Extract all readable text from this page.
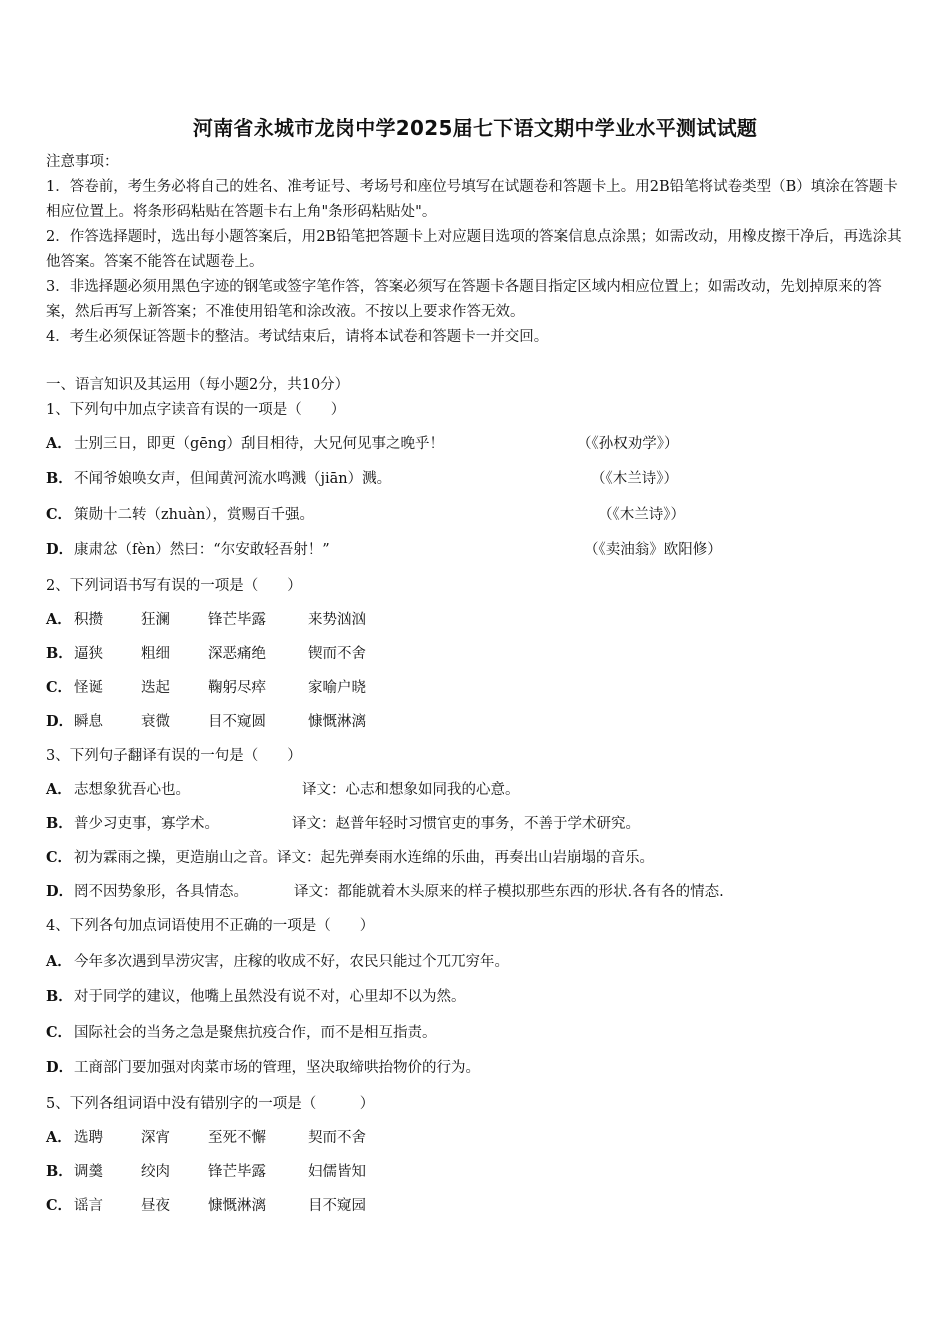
河南省永城市龙岗中学2025届七下语文期中学业水平测试试题

注意事项：

1．答卷前，考生务必将自己的姓名、准考证号、考场号和座位号填写在试题卷和答题卡上。用2B铅笔将试卷类型（B）填涂在答题卡相应位置上。将条形码粘贴在答题卡右上角"条形码粘贴处"。

2．作答选择题时，选出每小题答案后，用2B铅笔把答题卡上对应题目选项的答案信息点涂黑；如需改动，用橡皮擦干净后，再选涂其他答案。答案不能答在试题卷上。

3．非选择题必须用黑色字迹的钢笔或签字笔作答，答案必须写在答题卡各题目指定区域内相应位置上；如需改动，先划掉原来的答案，然后再写上新答案；不准使用铅笔和涂改液。不按以上要求作答无效。

4．考生必须保证答题卡的整洁。考试结束后，请将本试卷和答题卡一并交回。

一、语言知识及其运用（每小题2分，共10分）
1、下列句中加点字读音有误的一项是（　　）
A． 士别三日，即更（gēng）刮目相待，大兄何见事之晚乎！	（《孙权劝学》）
B．不闻爷娘唤女声，但闻黄河流水鸣溅（jiān）溅。	（《木兰诗》）
C． 策勋十二转（zhuàn），赏赐百千强。	（《木兰诗》）
D．康肃忿（fèn）然曰：“尔安敢轻吾射！”	（《卖油翁》欧阳修）
2、下列词语书写有误的一项是（　　）
A． 积攒	狂澜	锋芒毕露	来势汹汹
B．逼狭	粗细	深恶痛绝	锲而不舍
C． 怪诞	迭起	鞠躬尽瘁	家喻户晓
D．瞬息	衰微	目不窥圆	慷慨淋漓
3、下列句子翻译有误的一句是（　　）
A． 志想象犹吾心也。	译文：心志和想象如同我的心意。
B．普少习吏事，寡学术。	译文：赵普年轻时习惯官吏的事务，不善于学术研究。
C． 初为霖雨之操，更造崩山之音。译文：起先弹奏雨水连绵的乐曲，再奏出山岩崩塌的音乐。
D．罔不因势象形，各具情态。	译文：都能就着木头原来的样子模拟那些东西的形状.各有各的情态.
4、下列各句加点词语使用不正确的一项是（　　）
A． 今年多次遇到旱涝灾害，庄稼的收成不好，农民只能过个兀兀穷年。
B．对于同学的建议，他嘴上虽然没有说不对，心里却不以为然。
C． 国际社会的当务之急是聚焦抗疫合作，而不是相互指责。
D．工商部门要加强对肉菜市场的管理，坚决取缔哄抬物价的行为。
5、下列各组词语中没有错别字的一项是（　　　）
A． 选聘	深宵	至死不懈	契而不舍
B．调羹	绞肉	锋芒毕露	妇儒皆知
C． 谣言	昼夜	慷慨淋漓	目不窥园
